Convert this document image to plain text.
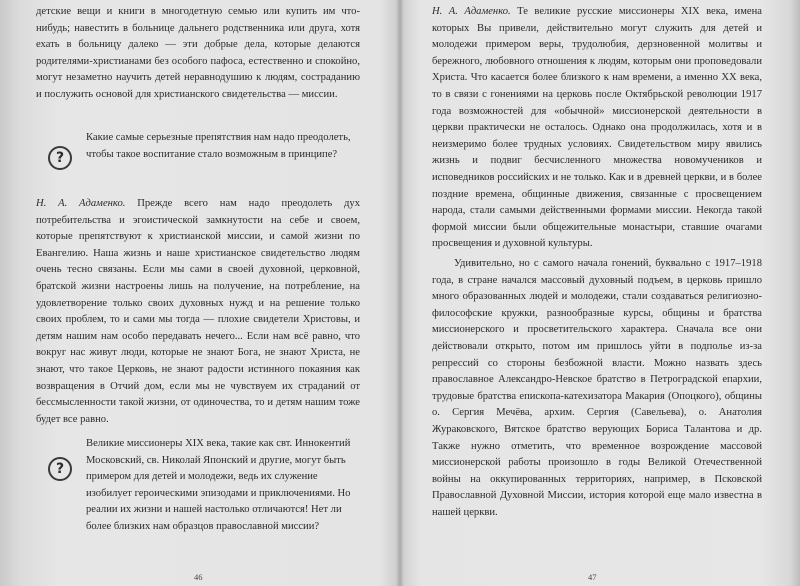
детские вещи и книги в многодетную семью или купить им что-нибудь; навестить в больнице дальнего родственника или друга, хотя ехать в больницу далеко — эти добрые дела, которые делаются родителями-христианами без особого пафоса, естественно и спокойно, могут незаметно научить детей неравнодушию к людям, состраданию и послужить основой для христианского свидетельства — миссии.

?

Какие самые серьезные препятствия нам надо преодолеть, чтобы такое воспитание стало возможным в принципе?

Н. А. Адаменко. Прежде всего нам надо преодолеть дух потребительства и эгоистической замкнутости на себе и своем, которые препятствуют к христианской миссии, и самой жизни по Евангелию. Наша жизнь и наше христианское свидетельство людям очень тесно связаны. Если мы сами в своей духовной, церковной, братской жизни настроены лишь на получение, на потребление, на удовлетворение только своих духовных нужд и на решение только своих проблем, то и сами мы тогда — плохие свидетели Христовы, и детям нашим нам особо передавать нечего... Если нам всё равно, что вокруг нас живут люди, которые не знают Бога, не знают Христа, не знают, что такое Церковь, не знают радости истинного покаяния как возвращения в Отчий дом, если мы не чувствуем их страданий от бессмысленности такой жизни, от одиночества, то и детям нашим тоже будет все равно.

?

Великие миссионеры XIX века, такие как свт. Иннокентий Московский, св. Николай Японский и другие, могут быть примером для детей и молодежи, ведь их служение изобилует героическими эпизодами и приключениями. Но реалии их жизни и нашей настолько отличаются! Нет ли более близких нам образцов православной миссии?

46

Н. А. Адаменко. Те великие русские миссионеры XIX века, имена которых Вы привели, действительно могут служить для детей и молодежи примером веры, трудолюбия, дерзновенной молитвы и бережного, любовного отношения к людям, которым они проповедовали Христа. Что касается более близкого к нам времени, а именно XX века, то в связи с гонениями на церковь после Октябрьской революции 1917 года возможностей для «обычной» миссионерской деятельности в церкви практически не осталось. Однако она продолжилась, хотя и в неизмеримо более трудных условиях. Свидетельством миру явились жизнь и подвиг бесчисленного множества новомучеников и исповедников российских и не только. Как и в древней церкви, и в более поздние времена, общинные движения, связанные с просвещением народа, стали самыми действенными формами миссии. Некогда такой формой миссии были общежительные монастыри, ставшие очагами просвещения и духовной культуры.

Удивительно, но с самого начала гонений, буквально с 1917–1918 года, в стране начался массовый духовный подъем, в церковь пришло много образованных людей и молодежи, стали создаваться религиозно-философские кружки, разнообразные курсы, общины и братства миссионерского и просветительского характера. Сначала все они действовали открыто, потом им пришлось уйти в подполье из-за репрессий со стороны безбожной власти. Можно назвать здесь православное Александро-Невское братство в Петроградской епархии, трудовые братства епископа-катехизатора Макария (Опоцкого), общины о. Сергия Мечёва, архим. Сергия (Савельева), о. Анатолия Жураковского, Вятское братство верующих Бориса Талантова и др. Также нужно отметить, что временное возрождение массовой миссионерской работы произошло в годы Великой Отечественной войны на оккупированных территориях, например, в Псковской Православной Духовной Миссии, история которой еще мало известна в нашей церкви.

47
